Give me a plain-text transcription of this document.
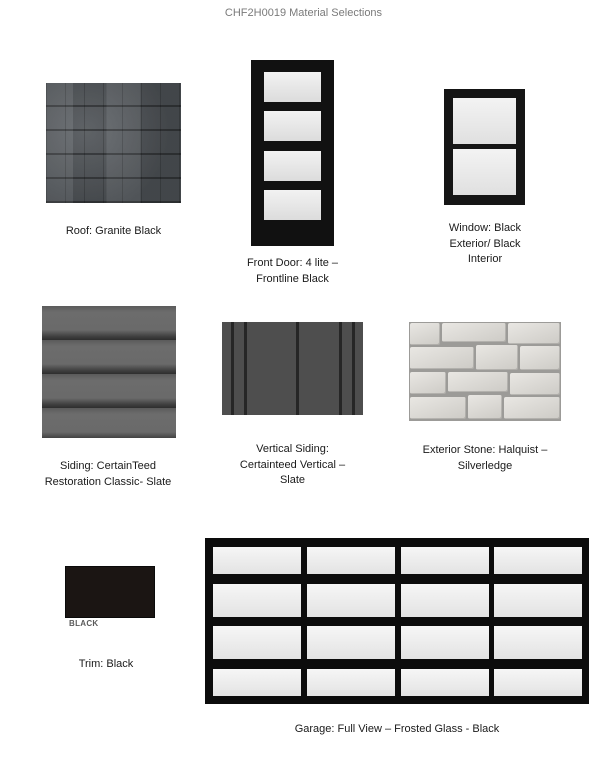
CHF2H0019 Material Selections
Roof: Granite Black
Front Door: 4 lite –
Frontline Black
Window: Black
Exterior/ Black
Interior
Siding: CertainTeed
Restoration Classic- Slate
Vertical Siding:
Certainteed Vertical –
Slate
Exterior Stone: Halquist –
Silverledge
BLACK
Trim: Black
Garage: Full View – Frosted Glass - Black
